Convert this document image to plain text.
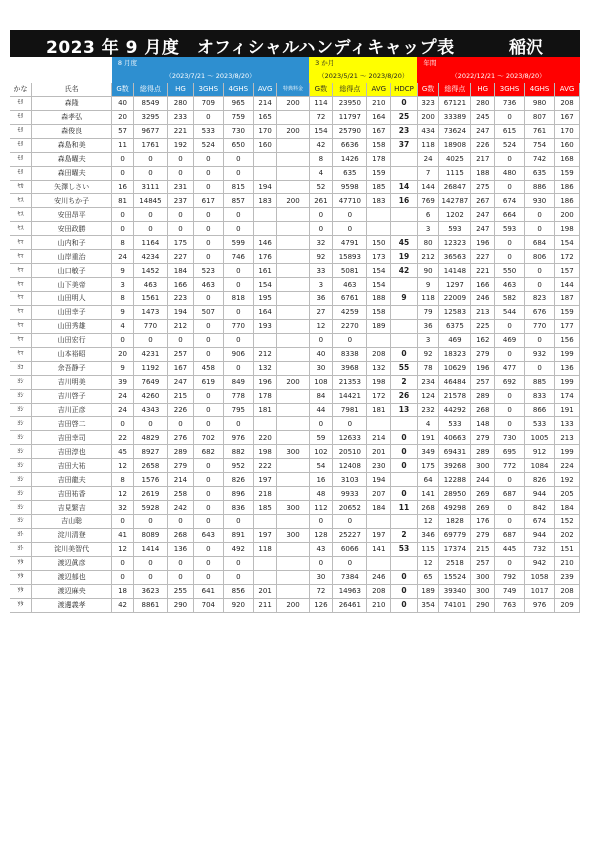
2023 年 9 月度　オフィシャルハンディキャップ表	稲沢
		8 月度							3 か月				年間					
		（2023/7/21 ～ 2023/8/20）							（2023/5/21 ～ 2023/8/20）				（2022/12/21 ～ 2023/8/20）					
かな	氏名	G数	総得点	HG	3GHS	4GHS	AVG	特典料金	G数	総得点	AVG	HDCP	G数	総得点	HG	3GHS	4GHS	AVG
ﾓﾘ	森隆	40	8549	280	709	965	214	200	114	23950	210	0	323	67121	280	736	980	208
ﾓﾘ	森孝弘	20	3295	233	0	759	165		72	11797	164	25	200	33389	245	0	807	167
ﾓﾘ	森俊良	57	9677	221	533	730	170	200	154	25790	167	23	434	73624	247	615	761	170
ﾓﾘ	森島和美	11	1761	192	524	650	160		42	6636	158	37	118	18908	226	524	754	160
ﾓﾘ	森島曜夫	0	0	0	0	0			8	1426	178		24	4025	217	0	742	168
ﾓﾘ	森田曜夫	0	0	0	0	0			4	635	159		7	1115	188	480	635	159
ﾔｶ	矢澤しさい	16	3111	231	0	815	194		52	9598	185	14	144	26847	275	0	886	186
ﾔｽ	安川ちか子	81	14845	237	617	857	183	200	261	47710	183	16	769	142787	267	674	930	186
ﾔｽ	安田昂平	0	0	0	0	0			0	0			6	1202	247	664	0	200
ﾔｽ	安田政勝	0	0	0	0	0			0	0			3	593	247	593	0	198
ﾔﾏ	山内和子	8	1164	175	0	599	146		32	4791	150	45	80	12323	196	0	684	154
ﾔﾏ	山岸重治	24	4234	227	0	746	176		92	15893	173	19	212	36563	227	0	806	172
ﾔﾏ	山口敏子	9	1452	184	523	0	161		33	5081	154	42	90	14148	221	550	0	157
ﾔﾏ	山下美帝	3	463	166	463	0	154		3	463	154		9	1297	166	463	0	144
ﾔﾏ	山田明人	8	1561	223	0	818	195		36	6761	188	9	118	22009	246	582	823	187
ﾔﾏ	山田幸子	9	1473	194	507	0	164		27	4259	158		79	12583	213	544	676	159
ﾔﾏ	山田秀雄	4	770	212	0	770	193		12	2270	189		36	6375	225	0	770	177
ﾔﾏ	山田宏行	0	0	0	0	0			0	0			3	469	162	469	0	156
ﾔﾏ	山本裕昭	20	4231	257	0	906	212		40	8338	208	0	92	18323	279	0	932	199
ﾖｺ	余吾静子	9	1192	167	458	0	132		30	3968	132	55	78	10629	196	477	0	136
ﾖｼ	吉川明美	39	7649	247	619	849	196	200	108	21353	198	2	234	46484	257	692	885	199
ﾖｼ	吉川啓子	24	4260	215	0	778	178		84	14421	172	26	124	21578	289	0	833	174
ﾖｼ	吉川正彦	24	4343	226	0	795	181		44	7981	181	13	232	44292	268	0	866	191
ﾖｼ	吉田啓二	0	0	0	0	0			0	0			4	533	148	0	533	133
ﾖｼ	吉田幸司	22	4829	276	702	976	220		59	12633	214	0	191	40663	279	730	1005	213
ﾖｼ	吉田淳也	45	8927	289	682	882	198	300	102	20510	201	0	349	69431	289	695	912	199
ﾖｼ	吉田大祐	12	2658	279	0	952	222		54	12408	230	0	175	39268	300	772	1084	224
ﾖｼ	吉田龍夫	8	1576	214	0	826	197		16	3103	194		64	12288	244	0	826	192
ﾖｼ	吉田祐香	12	2619	258	0	896	218		48	9933	207	0	141	28950	269	687	944	205
ﾖｼ	吉見繁吉	32	5928	242	0	836	185	300	112	20652	184	11	268	49298	269	0	842	184
ﾖｼ	吉山聡	0	0	0	0	0			0	0			12	1828	176	0	674	152
ﾖﾄ	淀川清登	41	8089	268	643	891	197	300	128	25227	197	2	346	69779	279	687	944	202
ﾖﾄ	淀川美智代	12	1414	136	0	492	118		43	6066	141	53	115	17374	215	445	732	151
ﾜﾀ	渡辺眞彦	0	0	0	0	0			0	0			12	2518	257	0	942	210
ﾜﾀ	渡辺郁也	0	0	0	0	0			30	7384	246	0	65	15524	300	792	1058	239
ﾜﾀ	渡辺麻央	18	3623	255	641	856	201		72	14963	208	0	189	39340	300	749	1017	208
ﾜﾀ	渡邊義孝	42	8861	290	704	920	211	200	126	26461	210	0	354	74101	290	763	976	209
